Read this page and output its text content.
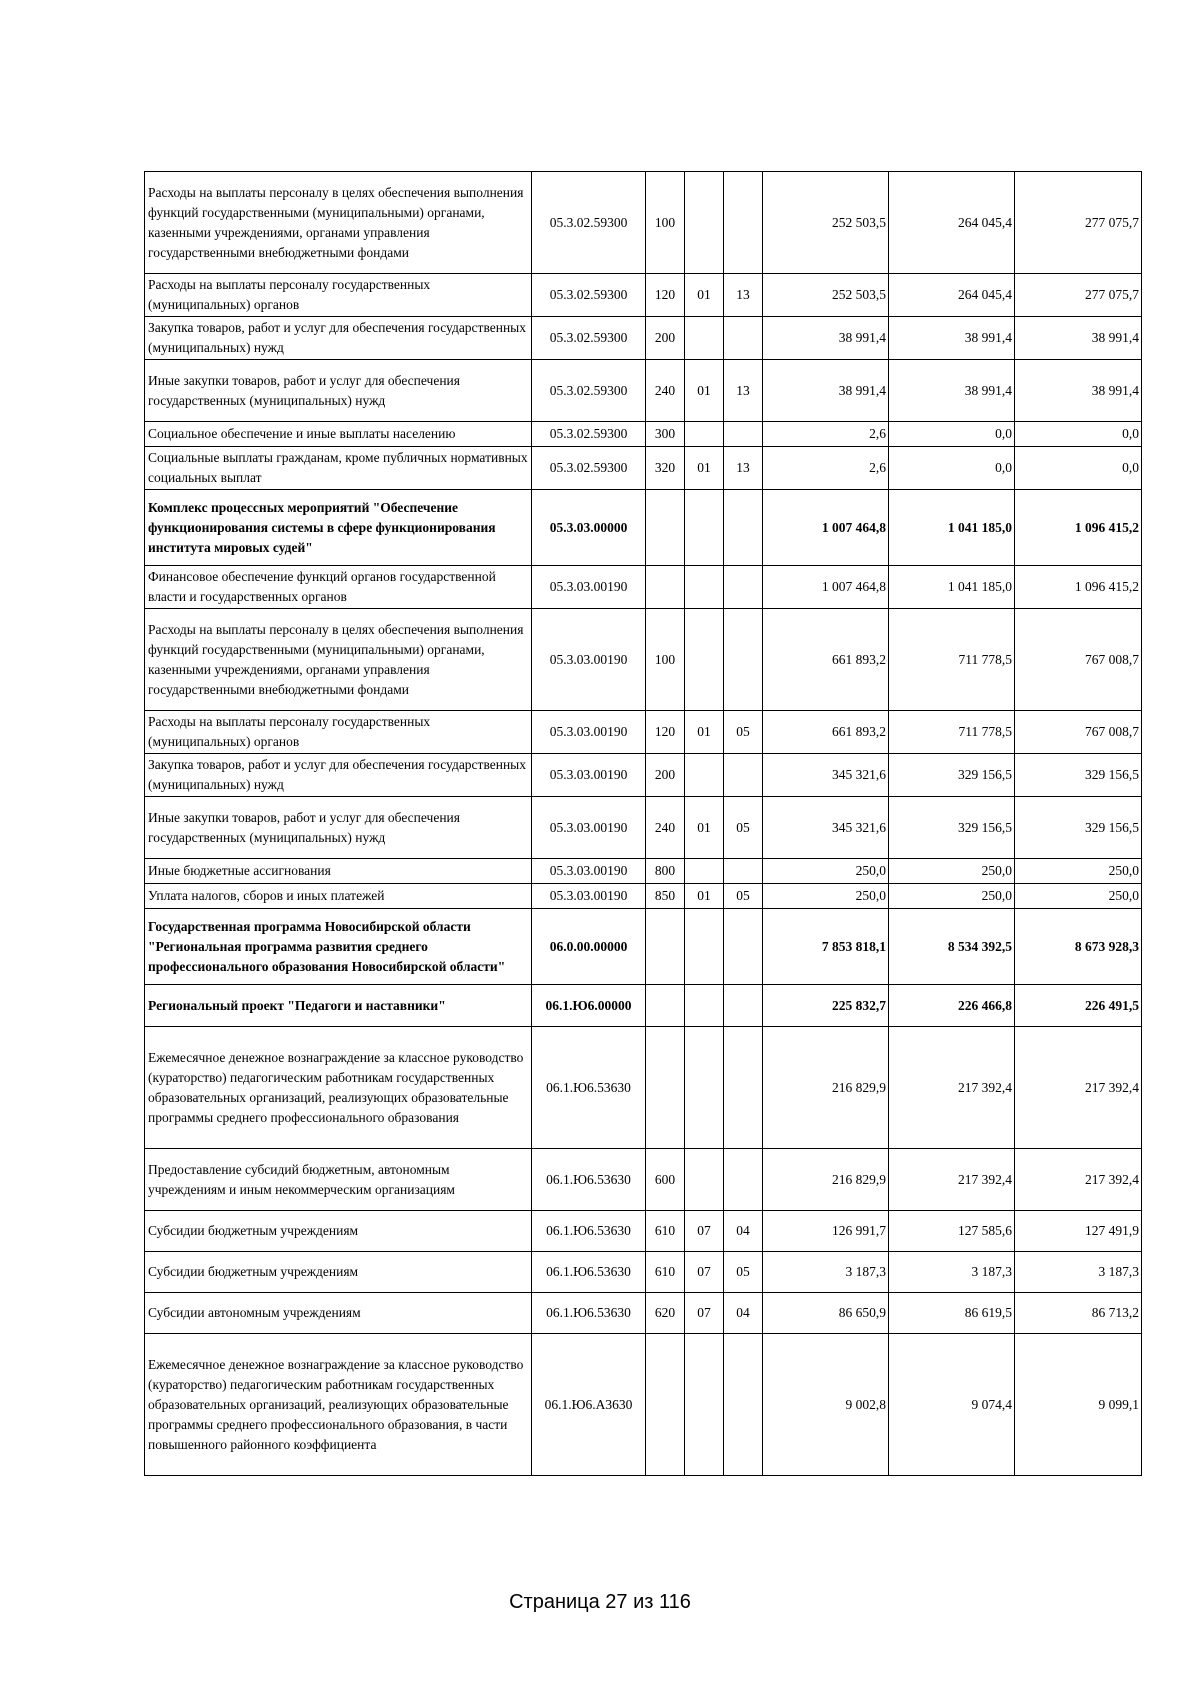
Расходы на выплаты персоналу в целях обеспечения выполнения функций государственными (муниципальными) органами, казенными учреждениями, органами управления государственными внебюджетными фондами	05.3.02.59300	100			252 503,5	264 045,4	277 075,7
Расходы на выплаты персоналу государственных (муниципальных) органов	05.3.02.59300	120	01	13	252 503,5	264 045,4	277 075,7
Закупка товаров, работ и услуг для обеспечения государственных (муниципальных) нужд	05.3.02.59300	200			38 991,4	38 991,4	38 991,4
Иные закупки товаров, работ и услуг для обеспечения государственных (муниципальных) нужд	05.3.02.59300	240	01	13	38 991,4	38 991,4	38 991,4
Социальное обеспечение и иные выплаты населению	05.3.02.59300	300			2,6	0,0	0,0
Социальные выплаты гражданам, кроме публичных нормативных социальных выплат	05.3.02.59300	320	01	13	2,6	0,0	0,0
Комплекс процессных мероприятий "Обеспечение функционирования системы в сфере функционирования института мировых судей"	05.3.03.00000				1 007 464,8	1 041 185,0	1 096 415,2
Финансовое обеспечение функций органов государственной власти и государственных органов	05.3.03.00190				1 007 464,8	1 041 185,0	1 096 415,2
Расходы на выплаты персоналу в целях обеспечения выполнения функций государственными (муниципальными) органами, казенными учреждениями, органами управления государственными внебюджетными фондами	05.3.03.00190	100			661 893,2	711 778,5	767 008,7
Расходы на выплаты персоналу государственных (муниципальных) органов	05.3.03.00190	120	01	05	661 893,2	711 778,5	767 008,7
Закупка товаров, работ и услуг для обеспечения государственных (муниципальных) нужд	05.3.03.00190	200			345 321,6	329 156,5	329 156,5
Иные закупки товаров, работ и услуг для обеспечения государственных (муниципальных) нужд	05.3.03.00190	240	01	05	345 321,6	329 156,5	329 156,5
Иные бюджетные ассигнования	05.3.03.00190	800			250,0	250,0	250,0
Уплата налогов, сборов и иных платежей	05.3.03.00190	850	01	05	250,0	250,0	250,0
Государственная программа Новосибирской области "Региональная программа развития среднего профессионального образования Новосибирской области"	06.0.00.00000				7 853 818,1	8 534 392,5	8 673 928,3
Региональный проект "Педагоги и наставники"	06.1.Ю6.00000				225 832,7	226 466,8	226 491,5
Ежемесячное денежное вознаграждение за классное руководство (кураторство) педагогическим работникам государственных образовательных организаций, реализующих образовательные программы среднего профессионального образования	06.1.Ю6.53630				216 829,9	217 392,4	217 392,4
Предоставление субсидий бюджетным, автономным учреждениям и иным некоммерческим организациям	06.1.Ю6.53630	600			216 829,9	217 392,4	217 392,4
Субсидии бюджетным учреждениям	06.1.Ю6.53630	610	07	04	126 991,7	127 585,6	127 491,9
Субсидии бюджетным учреждениям	06.1.Ю6.53630	610	07	05	3 187,3	3 187,3	3 187,3
Субсидии автономным учреждениям	06.1.Ю6.53630	620	07	04	86 650,9	86 619,5	86 713,2
Ежемесячное денежное вознаграждение за классное руководство (кураторство) педагогическим работникам государственных образовательных организаций, реализующих образовательные программы среднего профессионального образования, в части повышенного районного коэффициента	06.1.Ю6.А3630				9 002,8	9 074,4	9 099,1
Страница 27 из 116
